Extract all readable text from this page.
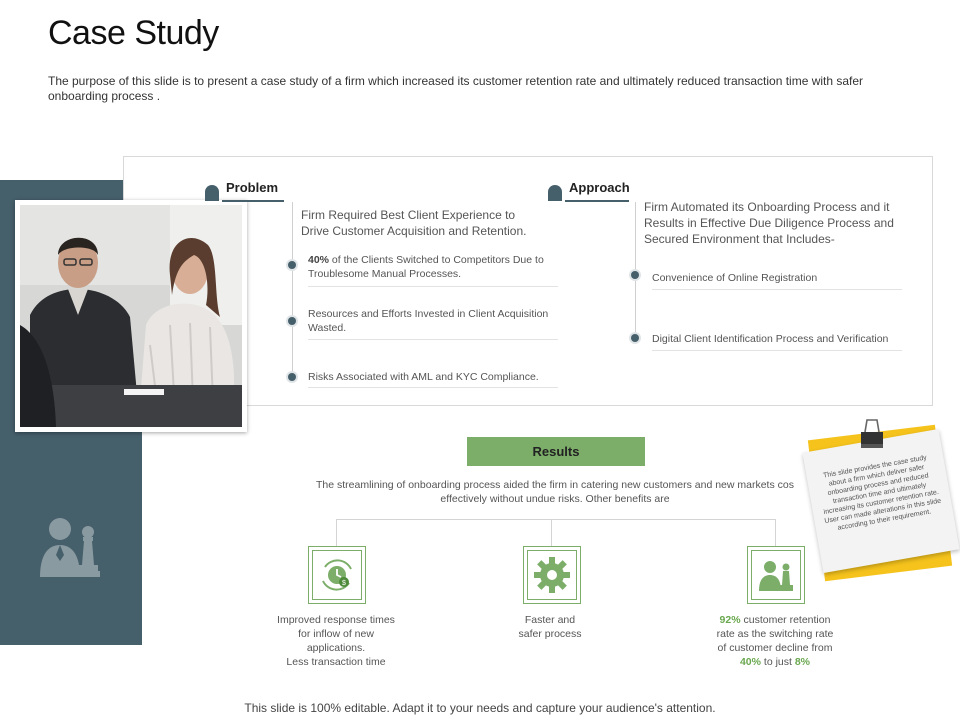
Case Study
The purpose of this slide is to present a case study of a firm which increased its customer retention rate and ultimately reduced transaction time with safer onboarding process .
Problem
Firm Required Best Client Experience to Drive Customer Acquisition and Retention.
40% of the Clients Switched to Competitors Due to Troublesome Manual Processes.
Resources and Efforts Invested in Client Acquisition Wasted.
Risks Associated with AML and KYC Compliance.
Approach
Firm Automated its Onboarding Process and it Results in Effective Due Diligence Process and Secured Environment that Includes-
Convenience of Online Registration
Digital Client Identification Process and Verification
Results
The streamlining of onboarding process aided the firm in catering new customers and new markets cos effectively without undue risks. Other benefits are
$
Improved response times
for inflow of new
applications.
Less transaction time
Faster and
safer process
92% customer retention
rate as the switching rate
of customer decline from
40% to just 8%
This slide provides the case study about a firm which deliver safer onboarding process and reduced transaction time and ultimately increasing its customer retention rate. User can made alterations in this slide according to their requirement.
This slide is 100% editable. Adapt it to your needs and capture your audience's attention.
